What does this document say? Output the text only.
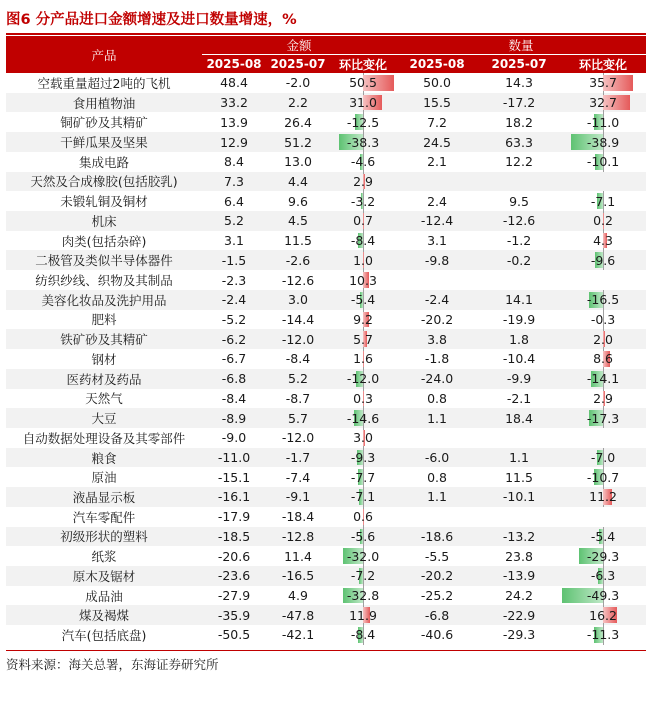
图6 分产品进口金额增速及进口数量增速，%
产品	金额			数量		
	2025-08	2025-07	环比变化	2025-08	2025-07	环比变化
空载重量超过2吨的飞机	48.4	-2.0	50.5	50.0	14.3	35.7
食用植物油	33.2	2.2	31.0	15.5	-17.2	32.7
铜矿砂及其精矿	13.9	26.4	-12.5	7.2	18.2	-11.0
干鲜瓜果及坚果	12.9	51.2	-38.3	24.5	63.3	-38.9
集成电路	8.4	13.0	-4.6	2.1	12.2	-10.1
天然及合成橡胶(包括胶乳)	7.3	4.4	2.9			
未锻轧铜及铜材	6.4	9.6	-3.2	2.4	9.5	-7.1
机床	5.2	4.5	0.7	-12.4	-12.6	0.2
肉类(包括杂碎)	3.1	11.5	-8.4	3.1	-1.2	4.3
二极管及类似半导体器件	-1.5	-2.6	1.0	-9.8	-0.2	-9.6
纺织纱线、织物及其制品	-2.3	-12.6	10.3			
美容化妆品及洗护用品	-2.4	3.0	-5.4	-2.4	14.1	-16.5
肥料	-5.2	-14.4	9.2	-20.2	-19.9	-0.3
铁矿砂及其精矿	-6.2	-12.0	5.7	3.8	1.8	2.0
钢材	-6.7	-8.4	1.6	-1.8	-10.4	8.6
医药材及药品	-6.8	5.2	-12.0	-24.0	-9.9	-14.1
天然气	-8.4	-8.7	0.3	0.8	-2.1	2.9
大豆	-8.9	5.7	-14.6	1.1	18.4	-17.3
自动数据处理设备及其零部件	-9.0	-12.0	3.0			
粮食	-11.0	-1.7	-9.3	-6.0	1.1	-7.0
原油	-15.1	-7.4	-7.7	0.8	11.5	-10.7
液晶显示板	-16.1	-9.1	-7.1	1.1	-10.1	11.2
汽车零配件	-17.9	-18.4	0.6			
初级形状的塑料	-18.5	-12.8	-5.6	-18.6	-13.2	-5.4
纸浆	-20.6	11.4	-32.0	-5.5	23.8	-29.3
原木及锯材	-23.6	-16.5	-7.2	-20.2	-13.9	-6.3
成品油	-27.9	4.9	-32.8	-25.2	24.2	-49.3
煤及褐煤	-35.9	-47.8	11.9	-6.8	-22.9	16.2
汽车(包括底盘)	-50.5	-42.1	-8.4	-40.6	-29.3	-11.3
资料来源：海关总署，东海证券研究所
